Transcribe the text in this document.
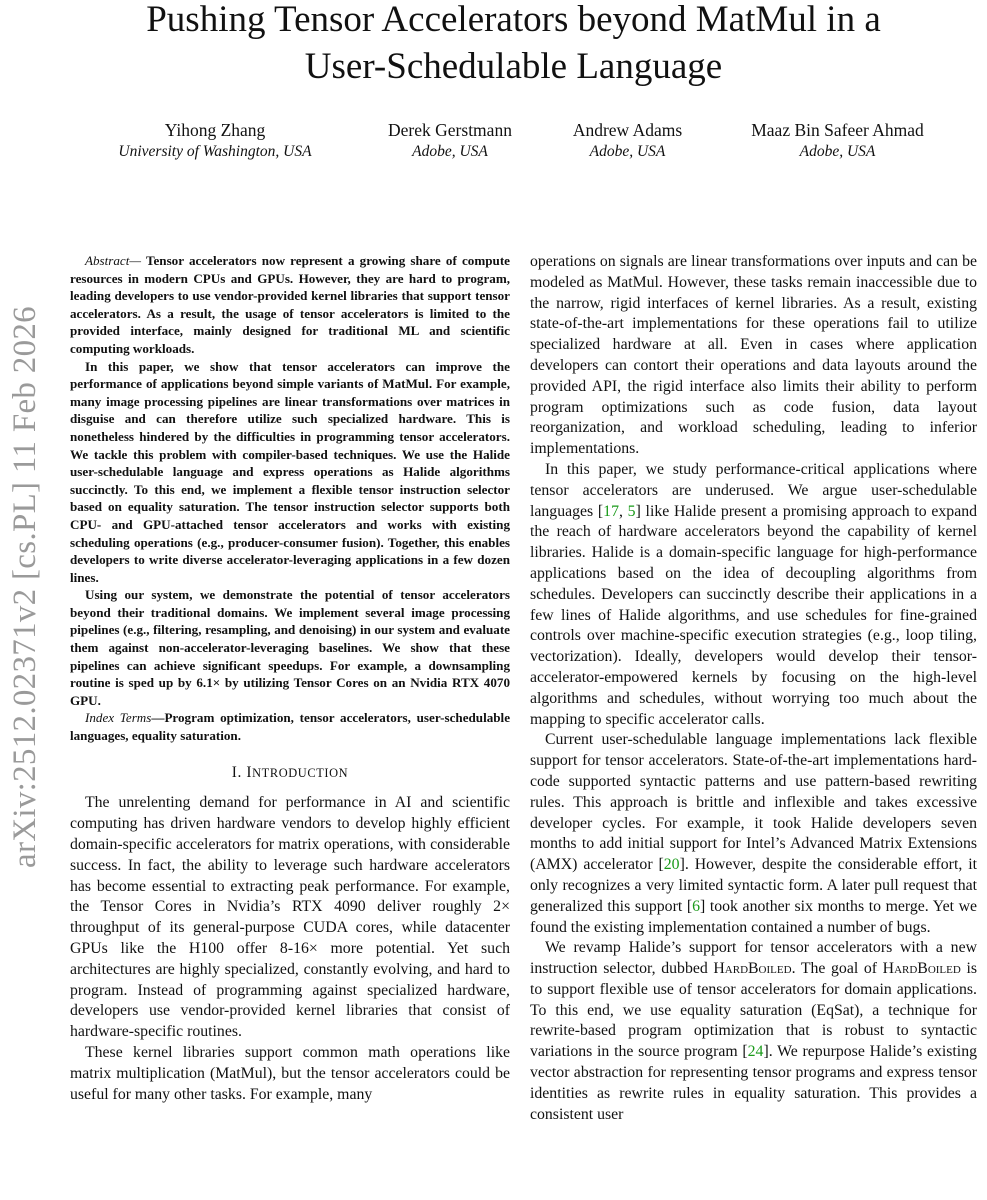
arXiv:2512.02371v2 [cs.PL] 11 Feb 2026
Pushing Tensor Accelerators beyond MatMul in a
User-Schedulable Language
Yihong Zhang
University of Washington, USA
Derek Gerstmann
Adobe, USA
Andrew Adams
Adobe, USA
Maaz Bin Safeer Ahmad
Adobe, USA

Abstract— Tensor accelerators now represent a growing share of compute resources in modern CPUs and GPUs. However, they are hard to program, leading developers to use vendor-provided kernel libraries that support tensor accelerators. As a result, the usage of tensor accelerators is limited to the provided interface, mainly designed for traditional ML and scientific computing workloads.

In this paper, we show that tensor accelerators can improve the performance of applications beyond simple variants of MatMul. For example, many image processing pipelines are linear transformations over matrices in disguise and can therefore utilize such specialized hardware. This is nonetheless hindered by the difficulties in programming tensor accelerators. We tackle this problem with compiler-based techniques. We use the Halide user-schedulable language and express operations as Halide algorithms succinctly. To this end, we implement a flexible tensor instruction selector based on equality saturation. The tensor instruction selector supports both CPU- and GPU-attached tensor accelerators and works with existing scheduling operations (e.g., producer-consumer fusion). Together, this enables developers to write diverse accelerator-leveraging applications in a few dozen lines.

Using our system, we demonstrate the potential of tensor accelerators beyond their traditional domains. We implement several image processing pipelines (e.g., filtering, resampling, and denoising) in our system and evaluate them against non-accelerator-leveraging baselines. We show that these pipelines can achieve significant speedups. For example, a downsampling routine is sped up by 6.1× by utilizing Tensor Cores on an Nvidia RTX 4070 GPU.

Index Terms—Program optimization, tensor accelerators, user-schedulable languages, equality saturation.

I. INTRODUCTION

The unrelenting demand for performance in AI and scientific computing has driven hardware vendors to develop highly efficient domain-specific accelerators for matrix operations, with considerable success. In fact, the ability to leverage such hardware accelerators has become essential to extracting peak performance. For example, the Tensor Cores in Nvidia’s RTX 4090 deliver roughly 2× throughput of its general-purpose CUDA cores, while datacenter GPUs like the H100 offer 8-16× more potential. Yet such architectures are highly specialized, constantly evolving, and hard to program. Instead of programming against specialized hardware, developers use vendor-provided kernel libraries that consist of hardware-specific routines.

These kernel libraries support common math operations like matrix multiplication (MatMul), but the tensor accelerators could be useful for many other tasks. For example, many

operations on signals are linear transformations over inputs and can be modeled as MatMul. However, these tasks remain inaccessible due to the narrow, rigid interfaces of kernel libraries. As a result, existing state-of-the-art implementations for these operations fail to utilize specialized hardware at all. Even in cases where application developers can contort their operations and data layouts around the provided API, the rigid interface also limits their ability to perform program optimizations such as code fusion, data layout reorganization, and workload scheduling, leading to inferior implementations.

In this paper, we study performance-critical applications where tensor accelerators are underused. We argue user-schedulable languages [17, 5] like Halide present a promising approach to expand the reach of hardware accelerators beyond the capability of kernel libraries. Halide is a domain-specific language for high-performance applications based on the idea of decoupling algorithms from schedules. Developers can succinctly describe their applications in a few lines of Halide algorithms, and use schedules for fine-grained controls over machine-specific execution strategies (e.g., loop tiling, vectorization). Ideally, developers would develop their tensor-accelerator-empowered kernels by focusing on the high-level algorithms and schedules, without worrying too much about the mapping to specific accelerator calls.

Current user-schedulable language implementations lack flexible support for tensor accelerators. State-of-the-art implementations hard-code supported syntactic patterns and use pattern-based rewriting rules. This approach is brittle and inflexible and takes excessive developer cycles. For example, it took Halide developers seven months to add initial support for Intel’s Advanced Matrix Extensions (AMX) accelerator [20]. However, despite the considerable effort, it only recognizes a very limited syntactic form. A later pull request that generalized this support [6] took another six months to merge. Yet we found the existing implementation contained a number of bugs.

We revamp Halide’s support for tensor accelerators with a new instruction selector, dubbed HardBoiled. The goal of HardBoiled is to support flexible use of tensor accelerators for domain applications. To this end, we use equality saturation (EqSat), a technique for rewrite-based program optimization that is robust to syntactic variations in the source program [24]. We repurpose Halide’s existing vector abstraction for representing tensor programs and express tensor identities as rewrite rules in equality saturation. This provides a consistent user
